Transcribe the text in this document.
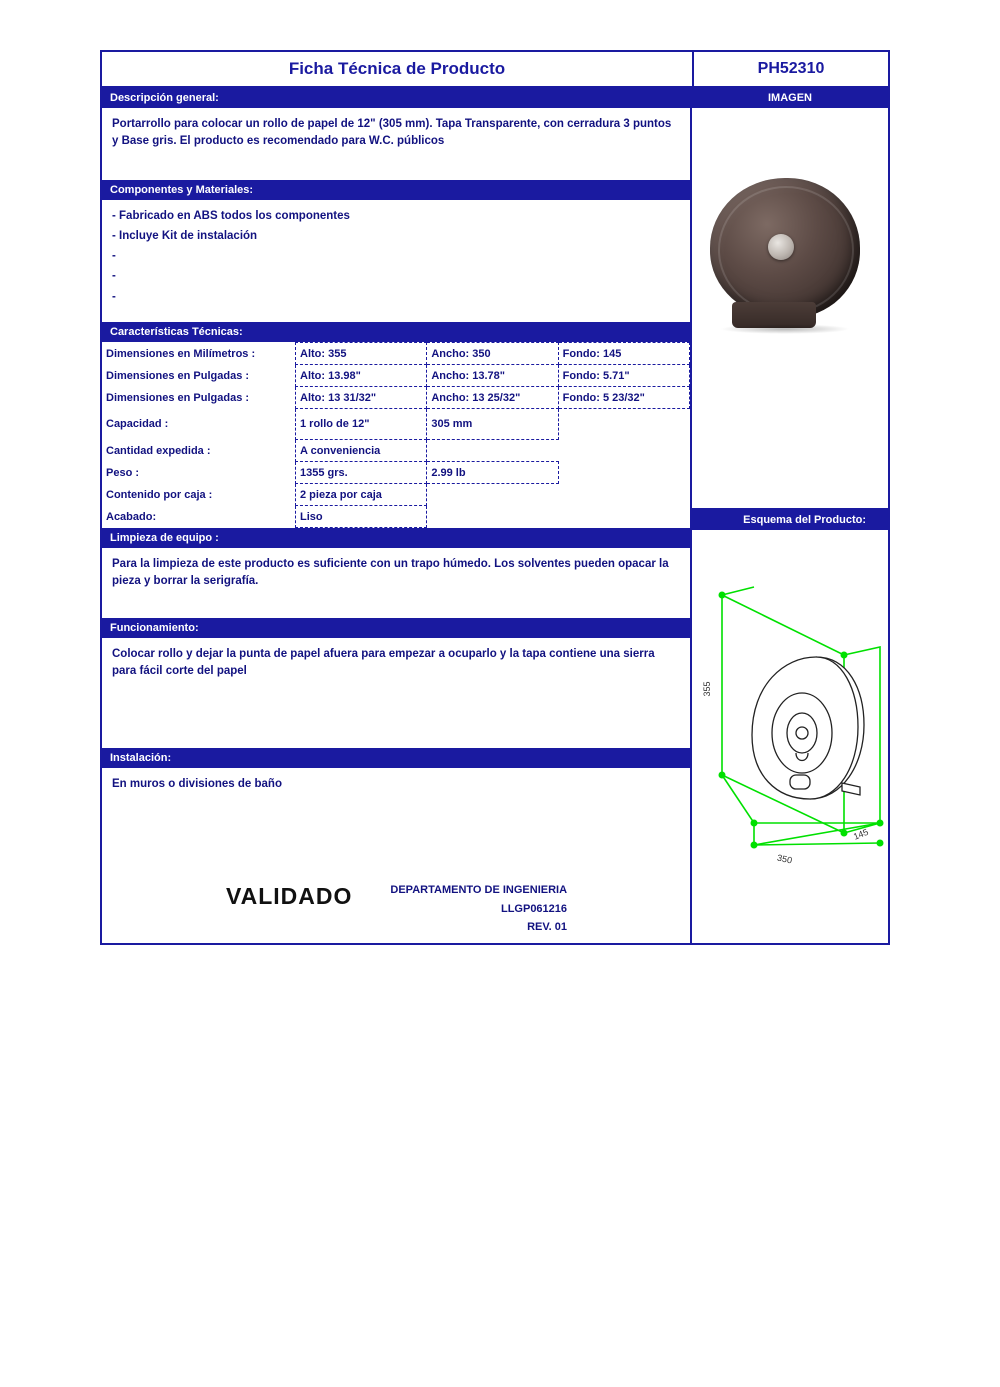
Ficha Técnica de Producto	PH52310
Descripción general:
Portarrollo para colocar un rollo de papel de 12" (305 mm). Tapa Transparente, con cerradura 3 puntos y Base gris. El producto es recomendado para W.C. públicos
Componentes y Materiales:
- Fabricado en ABS todos los componentes
- Incluye Kit de instalación
-
-
-
Características Técnicas:
Dimensiones en Milímetros :	Alto: 355	Ancho: 350	Fondo: 145
Dimensiones en Pulgadas :	Alto: 13.98"	Ancho: 13.78"	Fondo: 5.71"
Dimensiones en Pulgadas :	Alto: 13 31/32"	Ancho: 13 25/32"	Fondo: 5 23/32"
Capacidad :	1 rollo de 12"	305 mm	
Cantidad expedida :	A conveniencia		
Peso :	1355 grs.	2.99 lb	
Contenido por caja :	2 pieza por caja		
Acabado:	Liso		
Limpieza de equipo :
Para la limpieza de este producto es suficiente con un trapo húmedo. Los solventes pueden opacar la pieza y borrar la serigrafía.
Funcionamiento:
Colocar rollo y dejar la punta de papel afuera para empezar a ocuparlo y la tapa contiene una sierra para fácil corte del papel
Instalación:
En muros o divisiones de baño
VALIDADO	DEPARTAMENTO DE INGENIERIA
LLGP061216
REV. 01
IMAGEN
Esquema del Producto:
355
350
145
